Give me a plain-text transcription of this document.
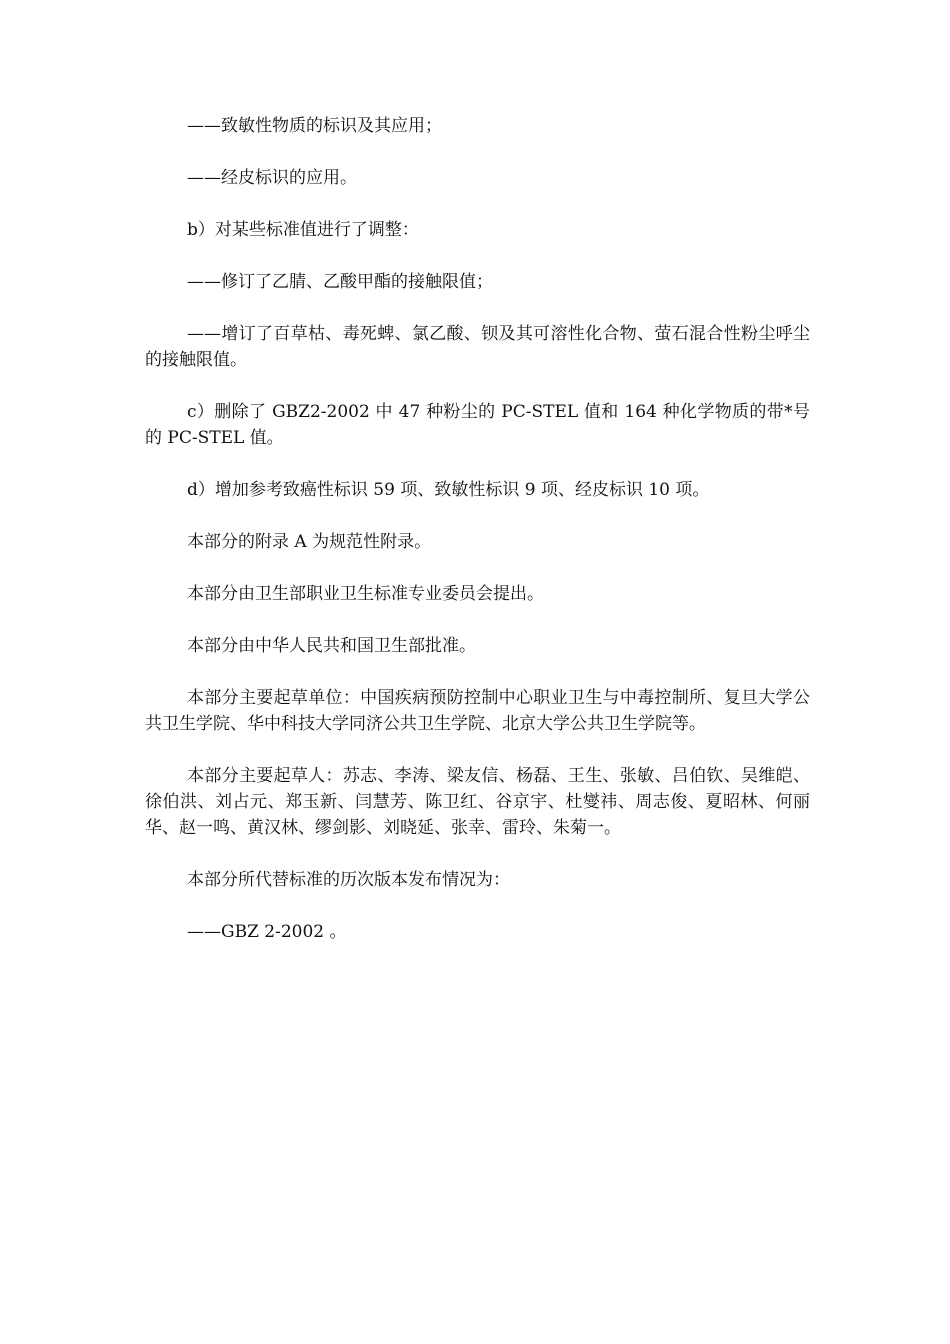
——致敏性物质的标识及其应用；

——经皮标识的应用。

b）对某些标准值进行了调整：

——修订了乙腈、乙酸甲酯的接触限值；

——增订了百草枯、毒死蜱、氯乙酸、钡及其可溶性化合物、萤石混合性粉尘呼尘的接触限值。

c）删除了 GBZ2-2002 中 47 种粉尘的 PC-STEL 值和 164 种化学物质的带*号的 PC-STEL 值。

d）增加参考致癌性标识 59 项、致敏性标识 9 项、经皮标识 10 项。

本部分的附录 A 为规范性附录。

本部分由卫生部职业卫生标准专业委员会提出。

本部分由中华人民共和国卫生部批准。

本部分主要起草单位：中国疾病预防控制中心职业卫生与中毒控制所、复旦大学公共卫生学院、华中科技大学同济公共卫生学院、北京大学公共卫生学院等。

本部分主要起草人：苏志、李涛、梁友信、杨磊、王生、张敏、吕伯钦、吴维皑、徐伯洪、刘占元、郑玉新、闫慧芳、陈卫红、谷京宇、杜燮祎、周志俊、夏昭林、何丽华、赵一鸣、黄汉林、缪剑影、刘晓延、张幸、雷玲、朱菊一。

本部分所代替标准的历次版本发布情况为：

——GBZ 2-2002 。
